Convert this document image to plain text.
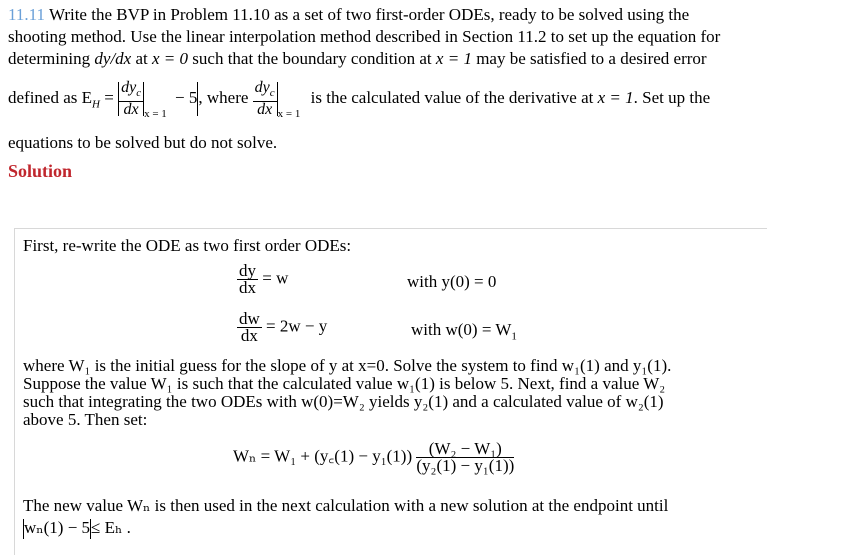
11.11 Write the BVP in Problem 11.10 as a set of two first-order ODEs, ready to be solved using the
shooting method. Use the linear interpolation method described in Section 11.2 to set up the equation for
determining dy/dx at x = 0 such that the boundary condition at x = 1 may be satisfied to a desired error
defined as $E_H = \frac{dy_c}{dx} _{x = 1} - 5$, where $\frac{dy_c}{dx} _{x = 1}$ is the calculated value of the derivative at x = 1. Set up the
equations to be solved but do not solve.
Solution
First, re-write the ODE as two first order ODEs:
$\frac{dy}{dx} = w$	with y(0) = 0
$\frac{dw}{dx} = 2w - y$	with $w(0) = W_1$
where W₁ is the initial guess for the slope of y at x=0. Solve the system to find w₁(1) and y₁(1).
Suppose the value W₁ is such that the calculated value w₁(1) is below 5. Next, find a value W₂
such that integrating the two ODEs with w(0)=W₂ yields y₂(1) and a calculated value of w₂(1)
above 5. Then set:
Wₙ = W₁ + (y꜀(1) − $y_1(1)) \frac{\text{(W₂ − W₁)}}{\text{(y₂(1) − y₁(1))}}$
The new value Wₙ is then used in the next calculation with a new solution at the endpoint until
wₙ(1) − 5≤ Eₕ .
